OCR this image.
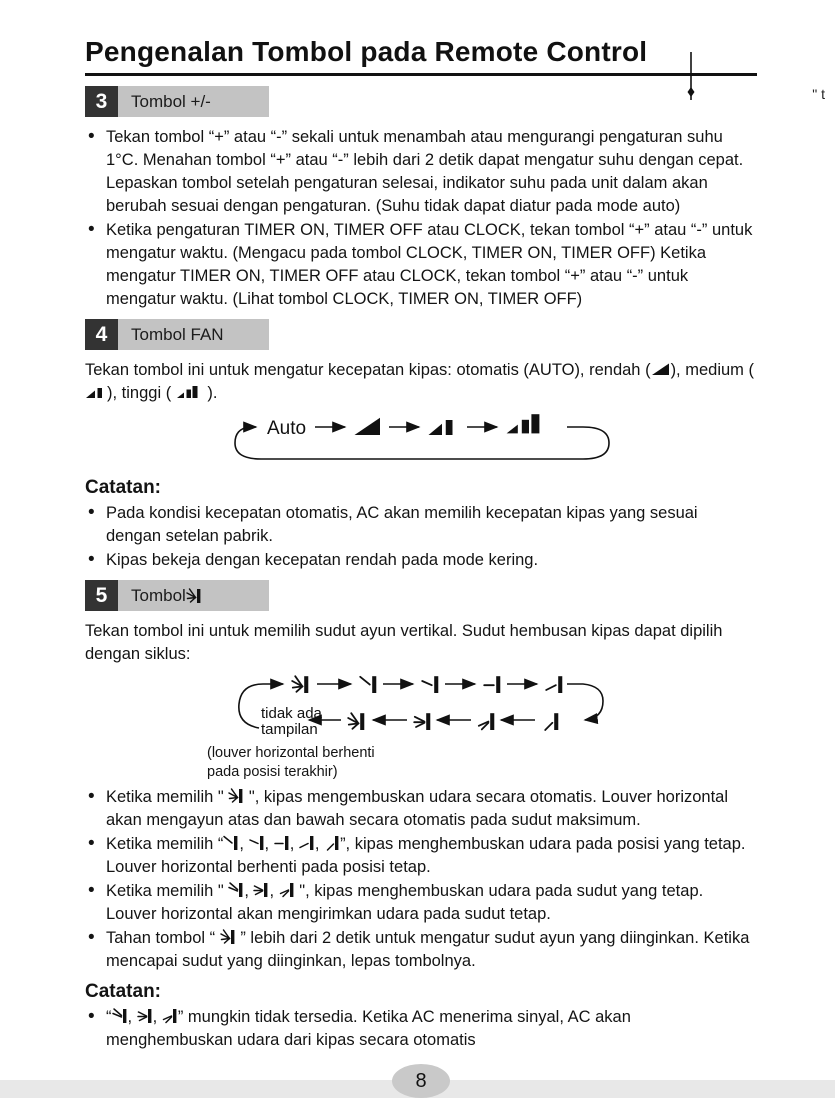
" t
Pengenalan Tombol pada Remote Control
3	Tombol +/-
• Tekan tombol “+” atau “-” sekali untuk menambah atau mengurangi pengaturan suhu 1°C. Menahan tombol “+” atau “-” lebih dari 2 detik dapat mengatur suhu dengan cepat. Lepaskan tombol setelah pengaturan selesai, indikator suhu pada unit dalam akan berubah sesuai dengan pengaturan. (Suhu tidak dapat diatur pada mode auto)
• Ketika pengaturan TIMER ON, TIMER OFF atau CLOCK, tekan tombol “+” atau “-” untuk mengatur waktu. (Mengacu pada tombol CLOCK, TIMER ON, TIMER OFF) Ketika mengatur TIMER ON, TIMER OFF atau CLOCK, tekan tombol “+” atau “-” untuk mengatur waktu. (Lihat tombol CLOCK, TIMER ON, TIMER OFF)
4	Tombol FAN

Tekan tombol ini untuk mengatur kecepatan kipas: otomatis (AUTO), rendah ( ), medium (), tinggi (  ).

Auto
Catatan:
• Pada kondisi kecepatan otomatis, AC akan memilih kecepatan kipas yang sesuai dengan setelan pabrik.
• Kipas bekeja dengan kecepatan rendah pada mode kering.
5	Tombol

Tekan tombol ini untuk memilih sudut ayun vertikal. Sudut hembusan kipas dapat dipilih dengan siklus:

tidak ada
tampilan
(louver horizontal berhenti
pada posisi terakhir)
• Ketika memilih "  ", kipas mengembuskan udara secara otomatis. Louver horizontal akan mengayun atas dan bawah secara otomatis pada sudut maksimum.
• Ketika memilih “ , , , , ”, kipas menghembuskan udara pada posisi yang tetap. Louver horizontal berhenti pada posisi tetap.
• Ketika memilih " , ,  ", kipas menghembuskan udara pada sudut yang tetap. Louver horizontal akan mengirimkan udara pada sudut tetap.
• Tahan tombol “  ” lebih dari 2 detik untuk mengatur sudut ayun yang diinginkan. Ketika mencapai sudut yang diinginkan, lepas tombolnya.
Catatan:
• “ , , ” mungkin tidak tersedia. Ketika AC menerima sinyal, AC akan menghembuskan udara dari kipas secara otomatis
8
